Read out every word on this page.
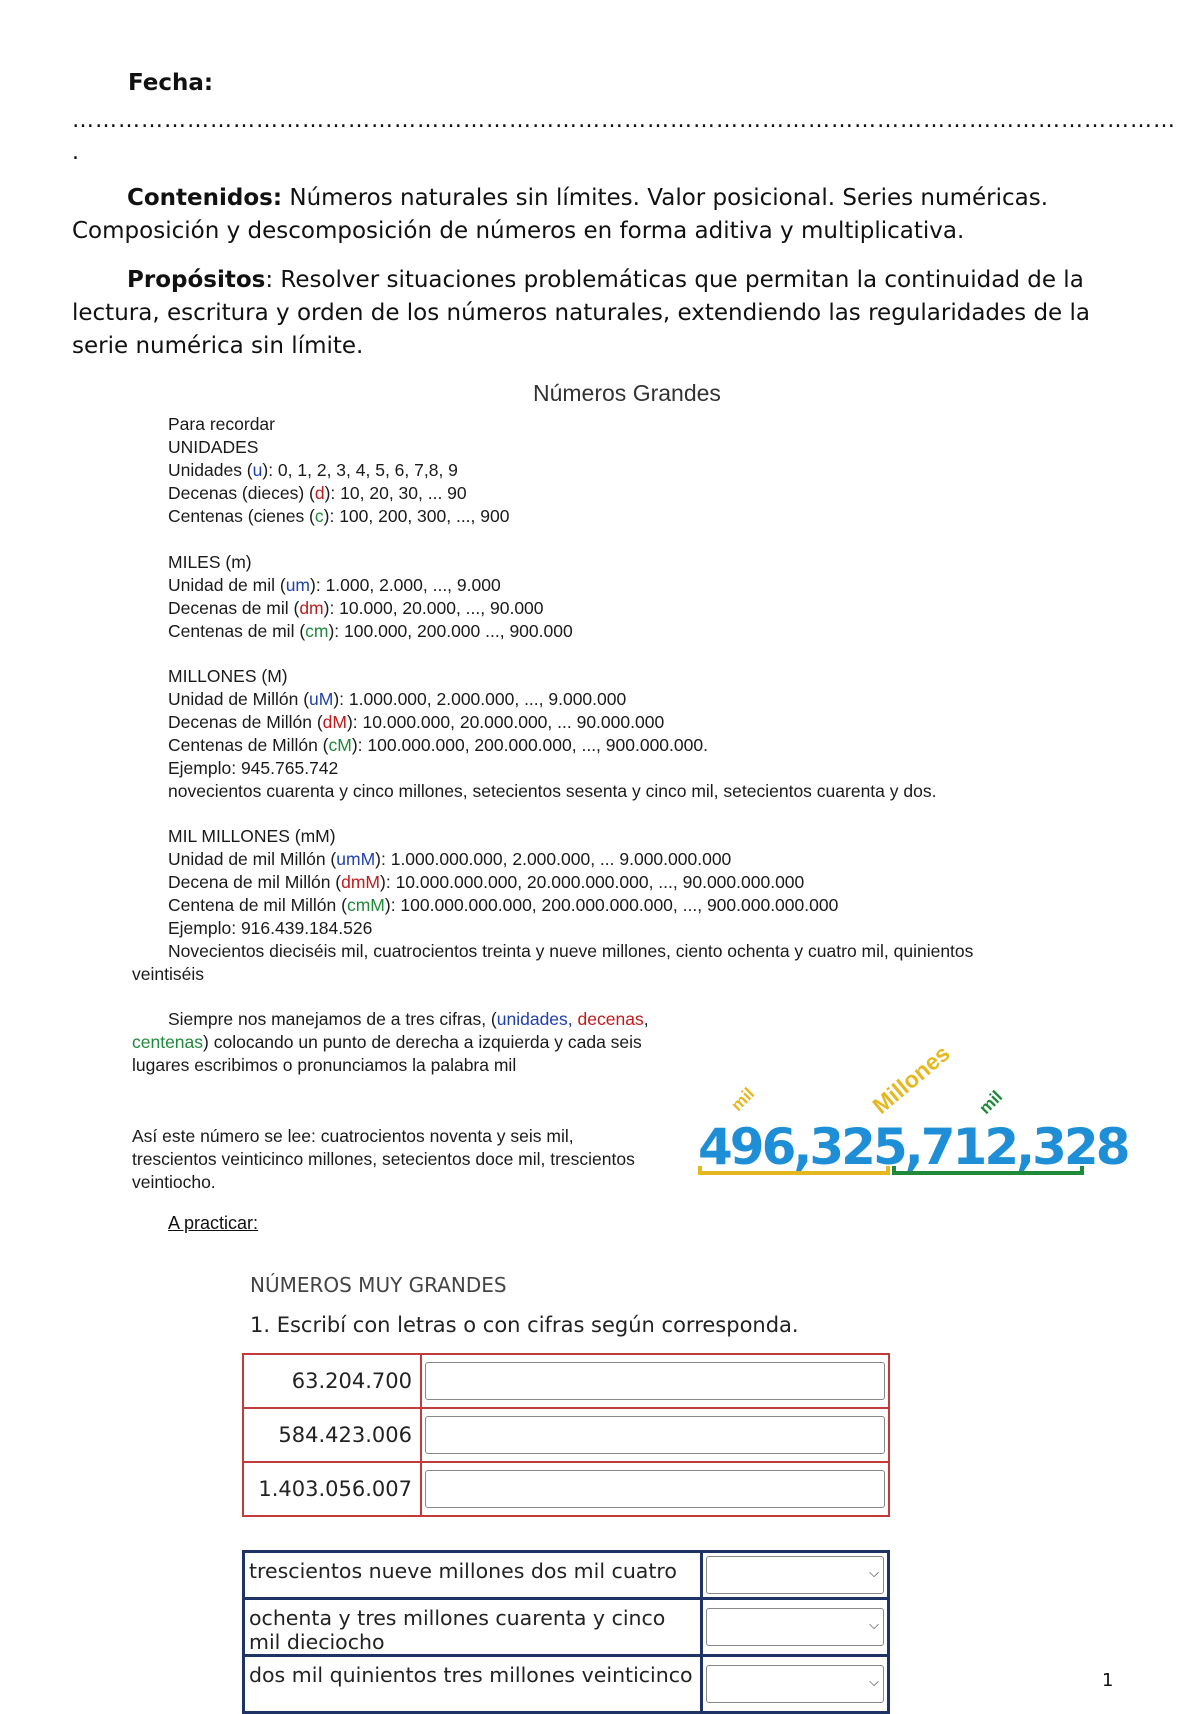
Fecha:
………………………………………………………………………………………………………………………………
.
Contenidos: Números naturales sin límites. Valor posicional. Series numéricas. Composición y descomposición de números en forma aditiva y multiplicativa.
Propósitos: Resolver situaciones problemáticas que permitan la continuidad de la lectura, escritura y orden de los números naturales, extendiendo las regularidades de la serie numérica sin límite.
Números Grandes
Para recordar
UNIDADES
Unidades (u): 0, 1, 2, 3, 4, 5, 6, 7,8, 9
Decenas (dieces) (d): 10, 20, 30, ... 90
Centenas (cienes (c): 100, 200, 300, ..., 900
MILES (m)
Unidad de mil (um): 1.000, 2.000, ..., 9.000
Decenas de mil (dm): 10.000, 20.000, ..., 90.000
Centenas de mil (cm): 100.000, 200.000 ..., 900.000
MILLONES (M)
Unidad de Millón (uM): 1.000.000, 2.000.000, ..., 9.000.000
Decenas de Millón (dM): 10.000.000, 20.000.000, ... 90.000.000
Centenas de Millón (cM): 100.000.000, 200.000.000, ..., 900.000.000.
Ejemplo: 945.765.742
novecientos cuarenta y cinco millones, setecientos sesenta y cinco mil, setecientos cuarenta y dos.
MIL MILLONES (mM)
Unidad de mil Millón (umM): 1.000.000.000, 2.000.000, ... 9.000.000.000
Decena de mil Millón (dmM): 10.000.000.000, 20.000.000.000, ..., 90.000.000.000
Centena de mil Millón (cmM): 100.000.000.000, 200.000.000.000, ..., 900.000.000.000
Ejemplo: 916.439.184.526
Novecientos dieciséis mil, cuatrocientos treinta y nueve millones, ciento ochenta y cuatro mil, quinientos
veintiséis
Siempre nos manejamos de a tres cifras, (unidades, decenas, centenas) colocando un punto de derecha a izquierda y cada seis lugares escribimos o pronunciamos la palabra mil
Así este número se lee: cuatrocientos noventa y seis mil, trescientos veinticinco millones, setecientos doce mil, trescientos veintiocho.
mil	Millones mil
496,325,712,328
A practicar:
NÚMEROS MUY GRANDES
1. Escribí con letras o con cifras según corresponda.
63.204.700	

584.423.006	

1.403.056.007	
trescientos nueve millones dos mil cuatro	⌵

ochenta y tres millones cuarenta y cinco mil dieciocho	⌵

dos mil quinientos tres millones veinticinco	⌵	1
